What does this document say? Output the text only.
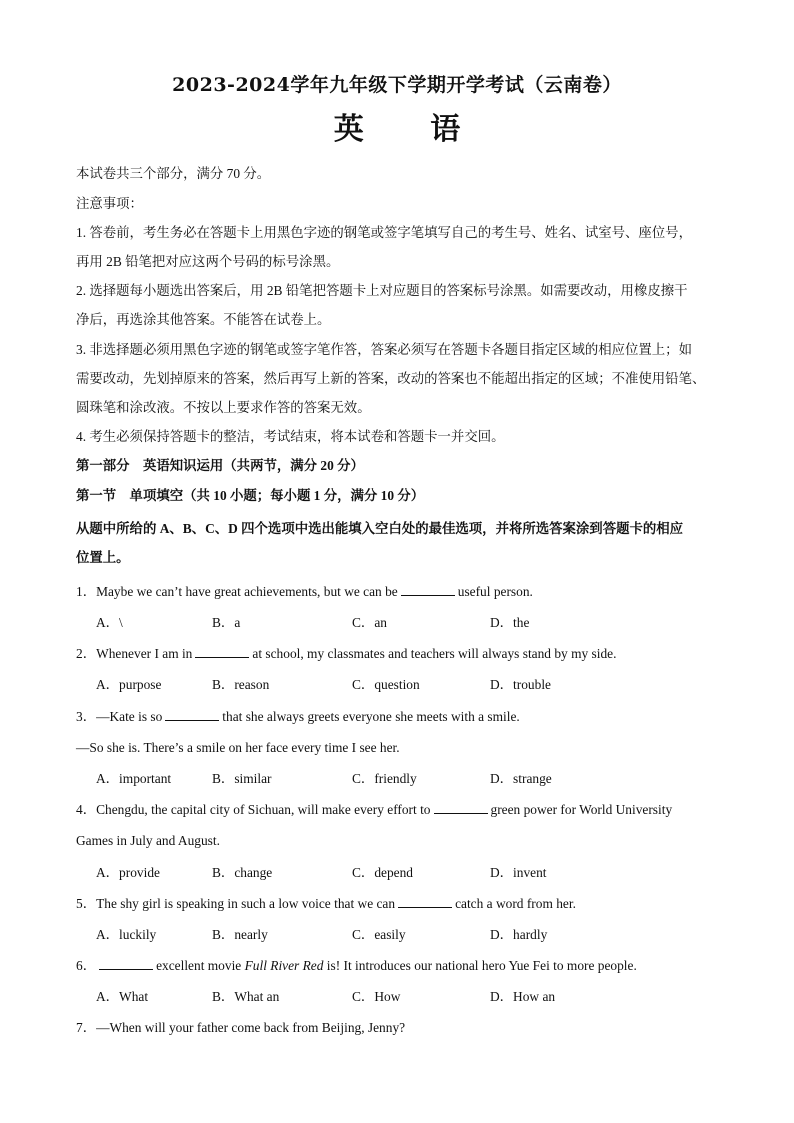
2023-2024学年九年级下学期开学考试（云南卷）
英 语
本试卷共三个部分，满分 70 分。
注意事项：
1. 答卷前，考生务必在答题卡上用黑色字迹的钢笔或签字笔填写自己的考生号、姓名、试室号、座位号，
再用 2B 铅笔把对应这两个号码的标号涂黑。
2. 选择题每小题选出答案后，用 2B 铅笔把答题卡上对应题目的答案标号涂黑。如需要改动，用橡皮擦干
净后，再选涂其他答案。不能答在试卷上。
3. 非选择题必须用黑色字迹的钢笔或签字笔作答，答案必须写在答题卡各题目指定区域的相应位置上；如
需要改动，先划掉原来的答案，然后再写上新的答案，改动的答案也不能超出指定的区域；不准使用铅笔、
圆珠笔和涂改液。不按以上要求作答的答案无效。
4. 考生必须保持答题卡的整洁，考试结束，将本试卷和答题卡一并交回。
第一部分　英语知识运用（共两节，满分 20 分）
第一节　单项填空（共 10 小题；每小题 1 分，满分 10 分）
从题中所给的 A、B、C、D 四个选项中选出能填入空白处的最佳选项，并将所选答案涂到答题卡的相应
位置上。
1．Maybe we can’t have great achievements, but we can be	useful person.
A．\	B．a	C．an	D．the
2．Whenever I am in	at school, my classmates and teachers will always stand by my side.
A．purpose	B．reason	C．question	D．trouble
3．—Kate is so	that she always greets everyone she meets with a smile.
—So she is. There’s a smile on her face every time I see her.
A．important	B．similar	C．friendly	D．strange
4．Chengdu, the capital city of Sichuan, will make every effort to	green power for World University
Games in July and August.
A．provide	B．change	C．depend	D．invent
5．The shy girl is speaking in such a low voice that we can	catch a word from her.
A．luckily	B．nearly	C．easily	D．hardly
6．	excellent movie Full River Red is! It introduces our national hero Yue Fei to more people.
A．What	B．What an	C．How	D．How an
7．—When will your father come back from Beijing, Jenny?
